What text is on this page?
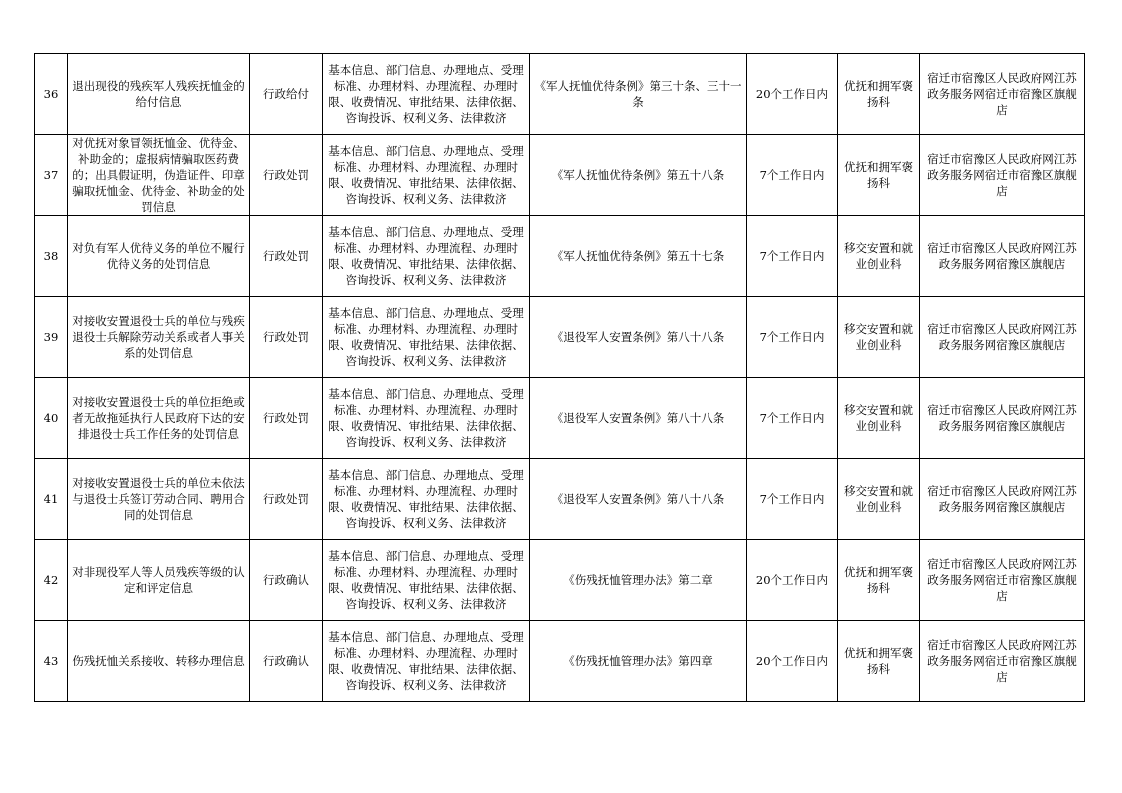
36	退出现役的残疾军人残疾抚恤金的给付信息	行政给付	基本信息、部门信息、办理地点、受理标准、办理材料、办理流程、办理时限、收费情况、审批结果、法律依据、咨询投诉、权利义务、法律救济	《军人抚恤优待条例》第三十条、三十一条	20个工作日内	优抚和拥军褒扬科	宿迁市宿豫区人民政府网江苏政务服务网宿迁市宿豫区旗舰店
37	对优抚对象冒领抚恤金、优待金、补助金的；虚报病情骗取医药费的；出具假证明，伪造证件、印章骗取抚恤金、优待金、补助金的处罚信息	行政处罚	基本信息、部门信息、办理地点、受理标准、办理材料、办理流程、办理时限、收费情况、审批结果、法律依据、咨询投诉、权利义务、法律救济	《军人抚恤优待条例》第五十八条	7个工作日内	优抚和拥军褒扬科	宿迁市宿豫区人民政府网江苏政务服务网宿迁市宿豫区旗舰店
38	对负有军人优待义务的单位不履行优待义务的处罚信息	行政处罚	基本信息、部门信息、办理地点、受理标准、办理材料、办理流程、办理时限、收费情况、审批结果、法律依据、咨询投诉、权利义务、法律救济	《军人抚恤优待条例》第五十七条	7个工作日内	移交安置和就业创业科	宿迁市宿豫区人民政府网江苏政务服务网宿豫区旗舰店
39	对接收安置退役士兵的单位与残疾退役士兵解除劳动关系或者人事关系的处罚信息	行政处罚	基本信息、部门信息、办理地点、受理标准、办理材料、办理流程、办理时限、收费情况、审批结果、法律依据、咨询投诉、权利义务、法律救济	《退役军人安置条例》第八十八条	7个工作日内	移交安置和就业创业科	宿迁市宿豫区人民政府网江苏政务服务网宿豫区旗舰店
40	对接收安置退役士兵的单位拒绝或者无故拖延执行人民政府下达的安排退役士兵工作任务的处罚信息	行政处罚	基本信息、部门信息、办理地点、受理标准、办理材料、办理流程、办理时限、收费情况、审批结果、法律依据、咨询投诉、权利义务、法律救济	《退役军人安置条例》第八十八条	7个工作日内	移交安置和就业创业科	宿迁市宿豫区人民政府网江苏政务服务网宿豫区旗舰店
41	对接收安置退役士兵的单位未依法与退役士兵签订劳动合同、聘用合同的处罚信息	行政处罚	基本信息、部门信息、办理地点、受理标准、办理材料、办理流程、办理时限、收费情况、审批结果、法律依据、咨询投诉、权利义务、法律救济	《退役军人安置条例》第八十八条	7个工作日内	移交安置和就业创业科	宿迁市宿豫区人民政府网江苏政务服务网宿豫区旗舰店
42	对非现役军人等人员残疾等级的认定和评定信息	行政确认	基本信息、部门信息、办理地点、受理标准、办理材料、办理流程、办理时限、收费情况、审批结果、法律依据、咨询投诉、权利义务、法律救济	《伤残抚恤管理办法》第二章	20个工作日内	优抚和拥军褒扬科	宿迁市宿豫区人民政府网江苏政务服务网宿迁市宿豫区旗舰店
43	伤残抚恤关系接收、转移办理信息	行政确认	基本信息、部门信息、办理地点、受理标准、办理材料、办理流程、办理时限、收费情况、审批结果、法律依据、咨询投诉、权利义务、法律救济	《伤残抚恤管理办法》第四章	20个工作日内	优抚和拥军褒扬科	宿迁市宿豫区人民政府网江苏政务服务网宿迁市宿豫区旗舰店
